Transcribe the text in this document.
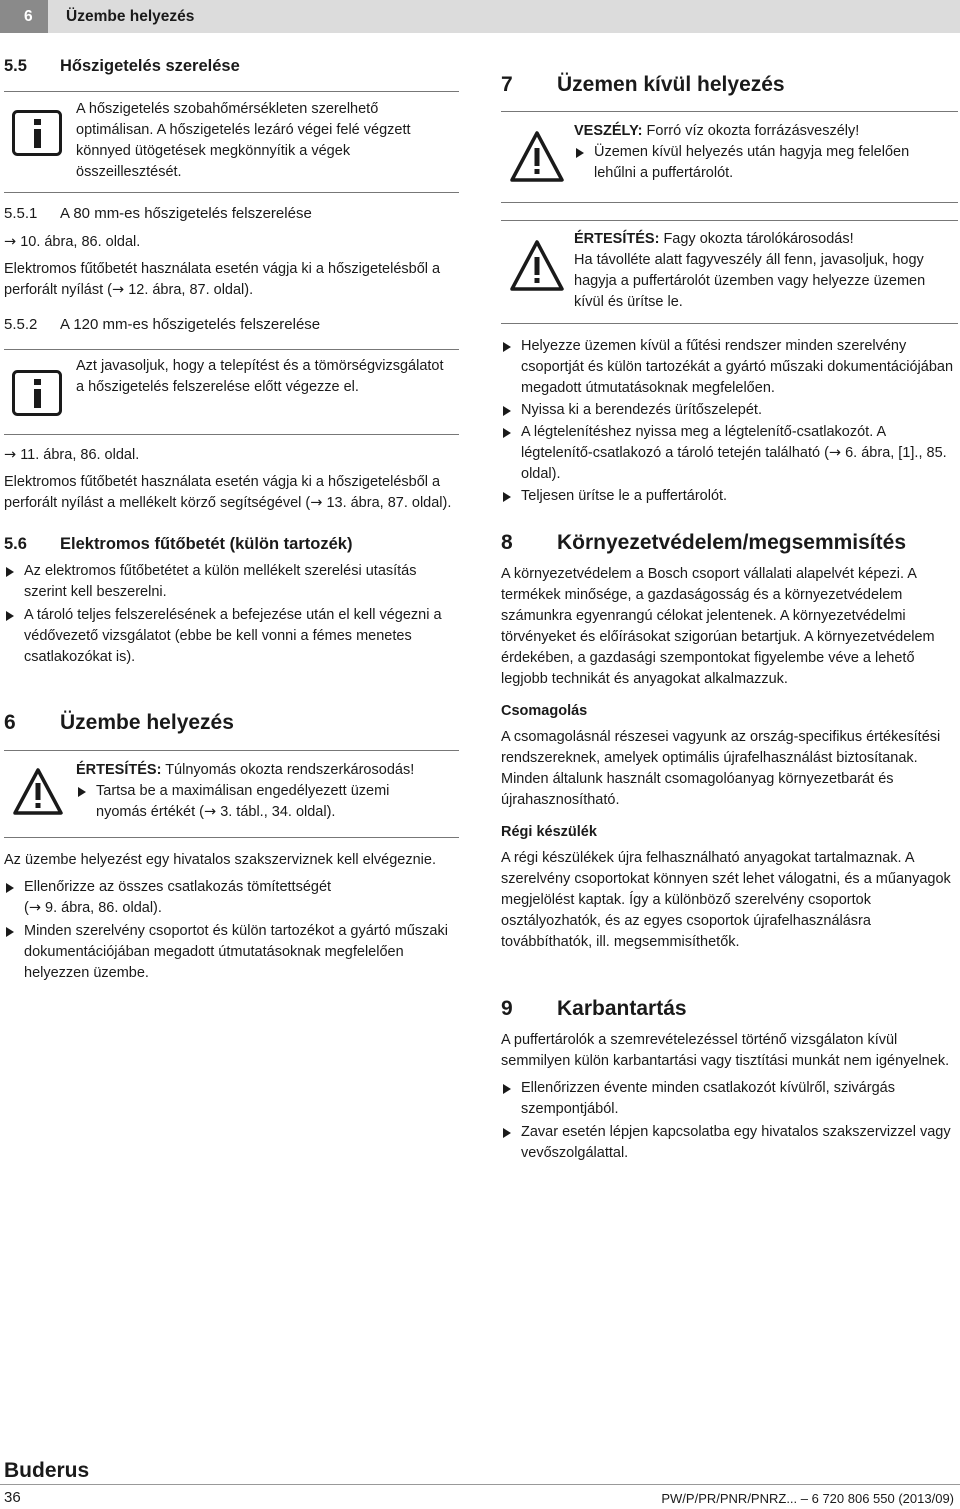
6	Üzembe helyezés
5.5 Hőszigetelés szerelése
A hőszigetelés szobahőmérsékleten szerelhető optimálisan. A hőszigetelés lezáró végei felé végzett könnyed ütögetések megkönnyítik a végek összeillesztését.
5.5.1 A 80 mm-es hőszigetelés felszerelése
→ 10. ábra, 86. oldal.
Elektromos fűtőbetét használata esetén vágja ki a hőszigetelésből a
perforált nyílást (→ 12. ábra, 87. oldal).
5.5.2 A 120 mm-es hőszigetelés felszerelése
Azt javasoljuk, hogy a telepítést és a tömörségvizsgálatot a hőszigetelés felszerelése előtt végezze el.
→ 11. ábra, 86. oldal.
Elektromos fűtőbetét használata esetén vágja ki a hőszigetelésből a
perforált nyílást a mellékelt körző segítségével (→ 13. ábra, 87. oldal).
5.6 Elektromos fűtőbetét (külön tartozék)
Az elektromos fűtőbetétet a külön mellékelt szerelési utasítás szerint kell beszerelni.
A tároló teljes felszerelésének a befejezése után el kell végezni a védővezető vizsgálatot (ebbe be kell vonni a fémes menetes csatlakozókat is).
6 Üzembe helyezés
ÉRTESÍTÉS: Túlnyomás okozta rendszerkárosodás!
Tartsa be a maximálisan engedélyezett üzemi
nyomás értékét (→ 3. tábl., 34. oldal).
Az üzembe helyezést egy hivatalos szakszerviznek kell elvégeznie.
Ellenőrizze az összes csatlakozás tömítettségét
(→ 9. ábra, 86. oldal).
Minden szerelvény csoportot és külön tartozékot a gyártó műszaki dokumentációjában megadott útmutatásoknak megfelelően helyezzen üzembe.
7 Üzemen kívül helyezés
VESZÉLY: Forró víz okozta forrázásveszély!
Üzemen kívül helyezés után hagyja meg felelően lehűlni a puffertárolót.
ÉRTESÍTÉS: Fagy okozta tárolókárosodás!
Ha távolléte alatt fagyveszély áll fenn, javasoljuk, hogy hagyja a puffertárolót üzemben vagy helyezze üzemen kívül és ürítse le.
Helyezze üzemen kívül a fűtési rendszer minden szerelvény csoportját és külön tartozékát a gyártó műszaki dokumentációjában megadott útmutatásoknak megfelelően.
Nyissa ki a berendezés ürítőszelepét.
A légtelenítéshez nyissa meg a légtelenítő-csatlakozót. A légtelenítő-csatlakozó a tároló tetején található (→ 6. ábra, [1]., 85. oldal).
Teljesen ürítse le a puffertárolót.
8 Környezetvédelem/megsemmisítés
A környezetvédelem a Bosch csoport vállalati alapelvét képezi. A termékek minősége, a gazdaságosság és a környezetvédelem számunkra egyenrangú célokat jelentenek. A környezetvédelmi törvényeket és előírásokat szigorúan betartjuk. A környezetvédelem érdekében, a gazdasági szempontokat figyelembe véve a lehető legjobb technikát és anyagokat alkalmazzuk.
Csomagolás
A csomagolásnál részesei vagyunk az ország-specifikus értékesítési rendszereknek, amelyek optimális újrafelhasználást biztosítanak. Minden általunk használt csomagolóanyag környezetbarát és újrahasznosítható.
Régi készülék
A régi készülékek újra felhasználható anyagokat tartalmaznak. A szerelvény csoportokat könnyen szét lehet válogatni, és a műanyagok megjelölést kaptak. Így a különböző szerelvény csoportok osztályozhatók, és az egyes csoportok újrafelhasználásra továbbíthatók, ill. megsemmisíthetők.
9 Karbantartás
A puffertárolók a szemrevételezéssel történő vizsgálaton kívül semmilyen külön karbantartási vagy tisztítási munkát nem igényelnek.
Ellenőrizzen évente minden csatlakozót kívülről, szivárgás szempontjából.
Zavar esetén lépjen kapcsolatba egy hivatalos szakszervizzel vagy vevőszolgálattal.
Buderus
36	PW/P/PR/PNR/PNRZ... – 6 720 806 550 (2013/09)
